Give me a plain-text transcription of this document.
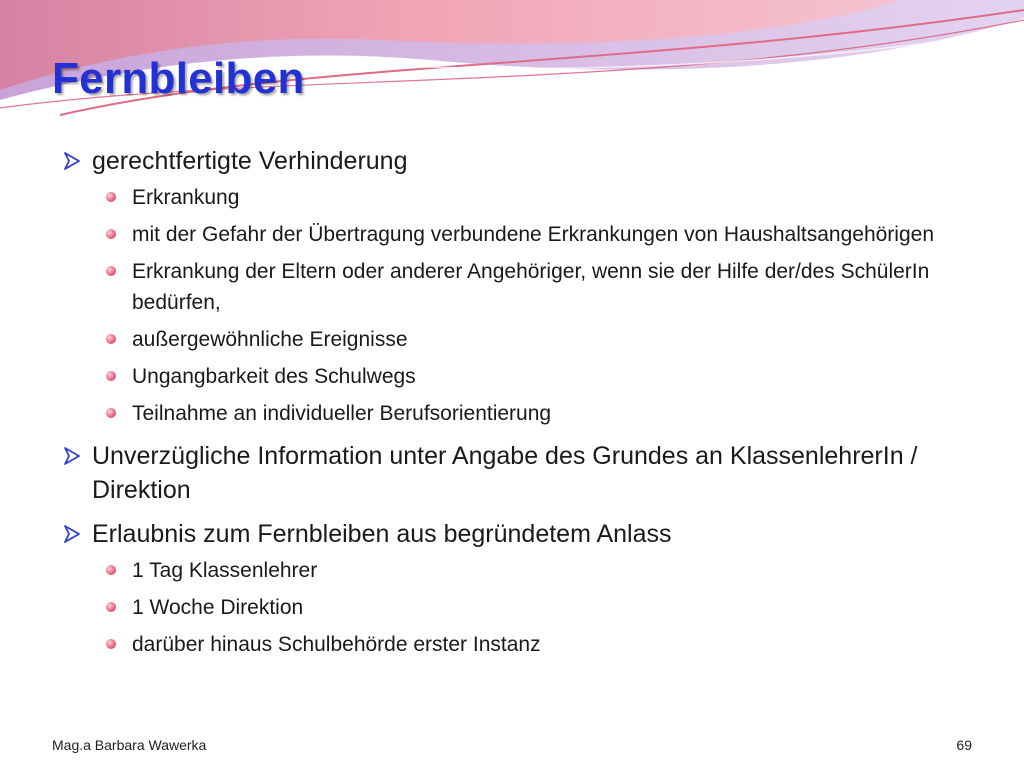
Fernbleiben

gerechtfertigte Verhinderung

Erkrankung

mit der Gefahr der Übertragung verbundene Erkrankungen von Haushaltsangehörigen

Erkrankung der Eltern oder anderer Angehöriger, wenn sie der Hilfe der/des SchülerIn bedürfen,

außergewöhnliche Ereignisse

Ungangbarkeit des Schulwegs

Teilnahme an individueller Berufsorientierung

Unverzügliche Information unter Angabe des Grundes an KlassenlehrerIn / Direktion

Erlaubnis zum Fernbleiben aus begründetem Anlass

1 Tag Klassenlehrer

1 Woche Direktion

darüber hinaus Schulbehörde erster Instanz

Mag.a Barbara Wawerka	69
